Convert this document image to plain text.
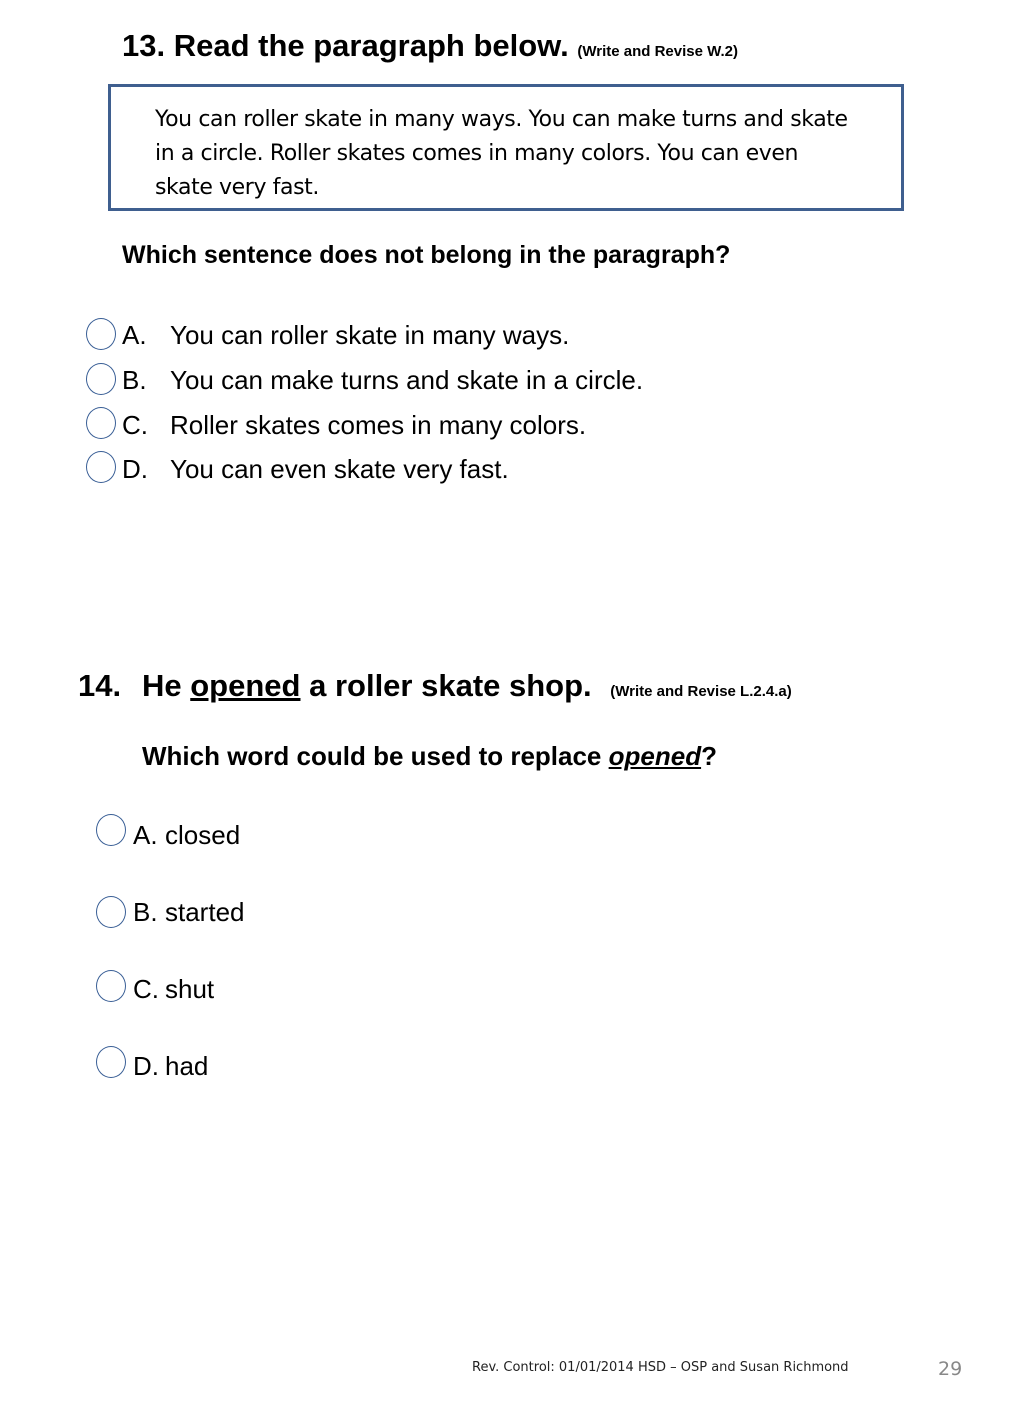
13. Read the paragraph below. (Write and Revise W.2)
You can roller skate in many ways. You can make turns and skate
in a circle. Roller skates comes in many colors. You can even
skate very fast.
Which sentence does not belong in the paragraph?
A. You can roller skate in many ways.
B. You can make turns and skate in a circle.
C. Roller skates comes in many colors.
D. You can even skate very fast.
14. He opened a roller skate shop. (Write and Revise L.2.4.a)
Which word could be used to replace opened?
A. closed
B. started
C. shut
D. had
Rev. Control: 01/01/2014 HSD – OSP and Susan Richmond	29
